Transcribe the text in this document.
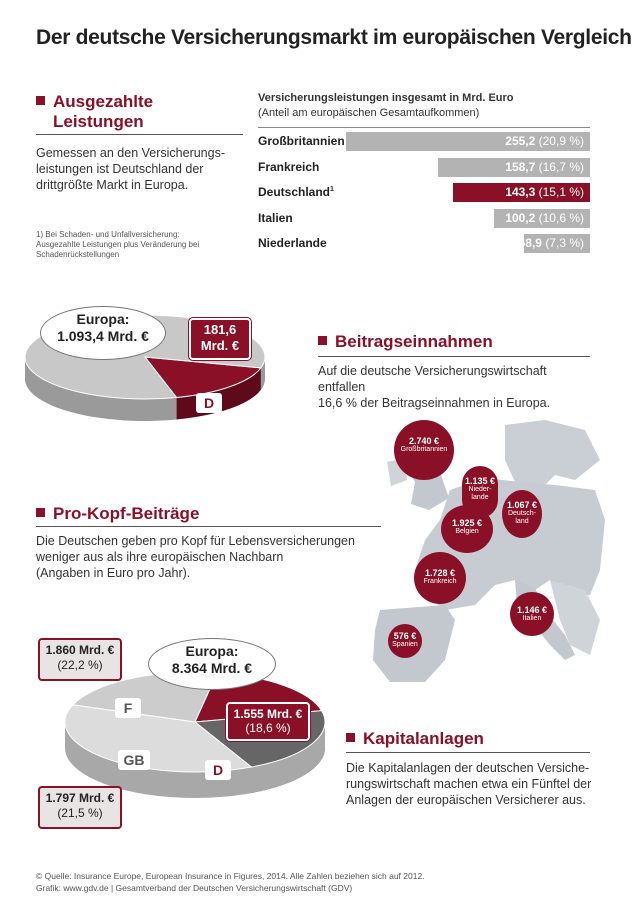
Der deutsche Versicherungsmarkt im europäischen Vergleich
Ausgezahlte
Leistungen
Gemessen an den Versicherungs-
leistungen ist Deutschland der
drittgrößte Markt in Europa.
1) Bei Schaden- und Unfallversicherung:
Ausgezahlte Leistungen plus Veränderung bei
Schadenrückstellungen
Versicherungsleistungen insgesamt in Mrd. Euro
(Anteil am europäischen Gesamtaufkommen)
Großbritannien	255,2 (20,9 %)
Frankreich	158,7 (16,7 %)
Deutschland$^1$	143,3 (15,1 %)
Italien	100,2 (10,6 %)
Niederlande	68,9 (7,3 %)
Europa:
1.093,4 Mrd. €	181,6
Mrd. €
D
Beitragseinnahmen
Auf die deutsche Versicherungswirtschaft entfallen
16,6 % der Beitragseinnahmen in Europa.
2.740 €
Großbritannien
1.135 €
Nieder-
lande
1.067 €
Deutsch-
land
1.925 €
Belgien
1.728 €
Frankreich
1.146 €
Italien
576 €
Spanien
Pro-Kopf-Beiträge
Die Deutschen geben pro Kopf für Lebensversicherungen
weniger aus als ihre europäischen Nachbarn
(Angaben in Euro pro Jahr).
1.860 Mrd. €
(22,2 %)
Europa:
8.364 Mrd. €
1.555 Mrd. €
(18,6 %)
1.797 Mrd. €
(21,5 %)
F
GB
D
Kapitalanlagen
Die Kapitalanlagen der deutschen Versiche-
rungswirtschaft machen etwa ein Fünftel der
Anlagen der europäischen Versicherer aus.
© Quelle: Insurance Europe, European Insurance in Figures, 2014. Alle Zahlen beziehen sich auf 2012.
Grafik: www.gdv.de | Gesamtverband der Deutschen Versicherungswirtschaft (GDV)
